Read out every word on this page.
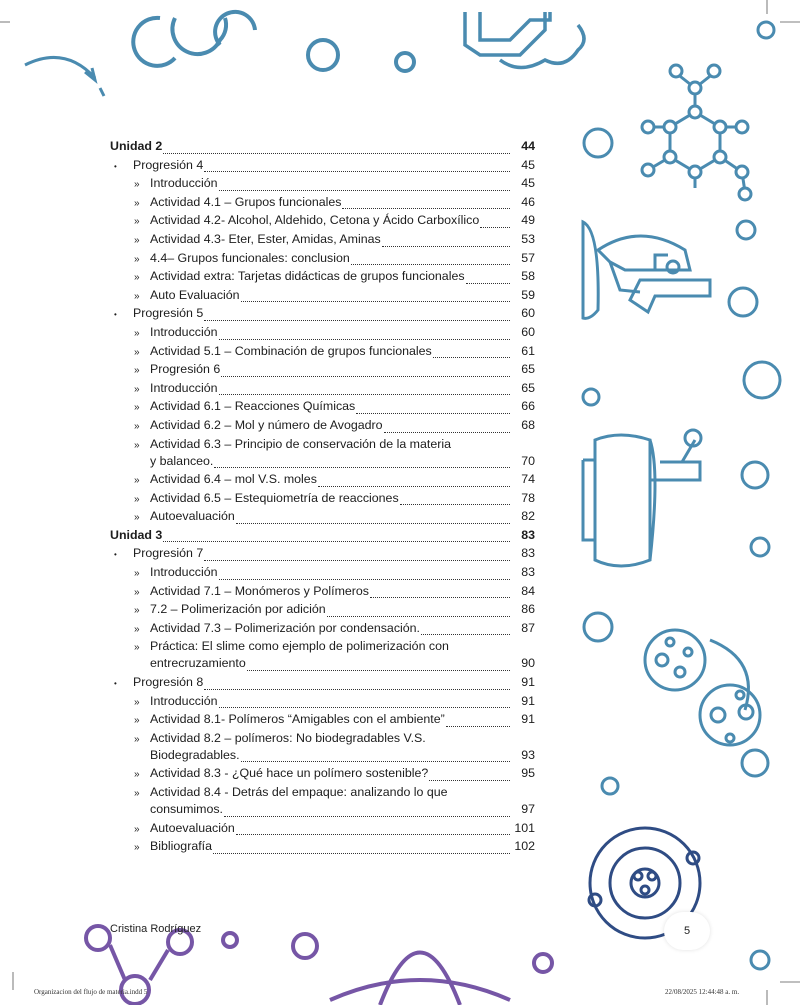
Unidad 2	44
• Progresión 4	45
» Introducción	45
» Actividad 4.1 – Grupos funcionales	46
» Actividad 4.2- Alcohol, Aldehido, Cetona y Ácido Carboxílico	49
» Actividad 4.3- Eter, Ester, Amidas, Aminas	53
» 4.4– Grupos funcionales: conclusion	57
» Actividad extra: Tarjetas didácticas de grupos funcionales	58
» Auto Evaluación	59
• Progresión 5	60
» Introducción	60
» Actividad 5.1 – Combinación de grupos funcionales	61
» Progresión 6	65
» Introducción	65
» Actividad 6.1 – Reacciones Químicas	66
» Actividad 6.2 – Mol y número de Avogadro	68
» Actividad 6.3 – Principio de conservación de la materia
y balanceo.	70
» Actividad 6.4 – mol V.S. moles	74
» Actividad 6.5 – Estequiometría de reacciones	78
» Autoevaluación	82
Unidad 3	83
• Progresión 7	83
» Introducción	83
» Actividad 7.1 – Monómeros y Polímeros	84
» 7.2 – Polimerización por adición	86
» Actividad 7.3 – Polimerización por condensación.	87
» Práctica: El slime como ejemplo de polimerización con
entrecruzamiento	90
• Progresión 8	91
» Introducción	91
» Actividad 8.1- Polímeros “Amigables con el ambiente”	91
» Actividad 8.2 – polímeros: No biodegradables V.S.
Biodegradables.	93
» Actividad 8.3 - ¿Qué hace un polímero sostenible?	95
» Actividad 8.4 - Detrás del empaque: analizando lo que
consumimos.	97
» Autoevaluación	101
» Bibliografía	102
Cristina Rodríguez	5
Organizacion del flujo de materia.indd 5	22/08/2025 12:44:48 a. m.
